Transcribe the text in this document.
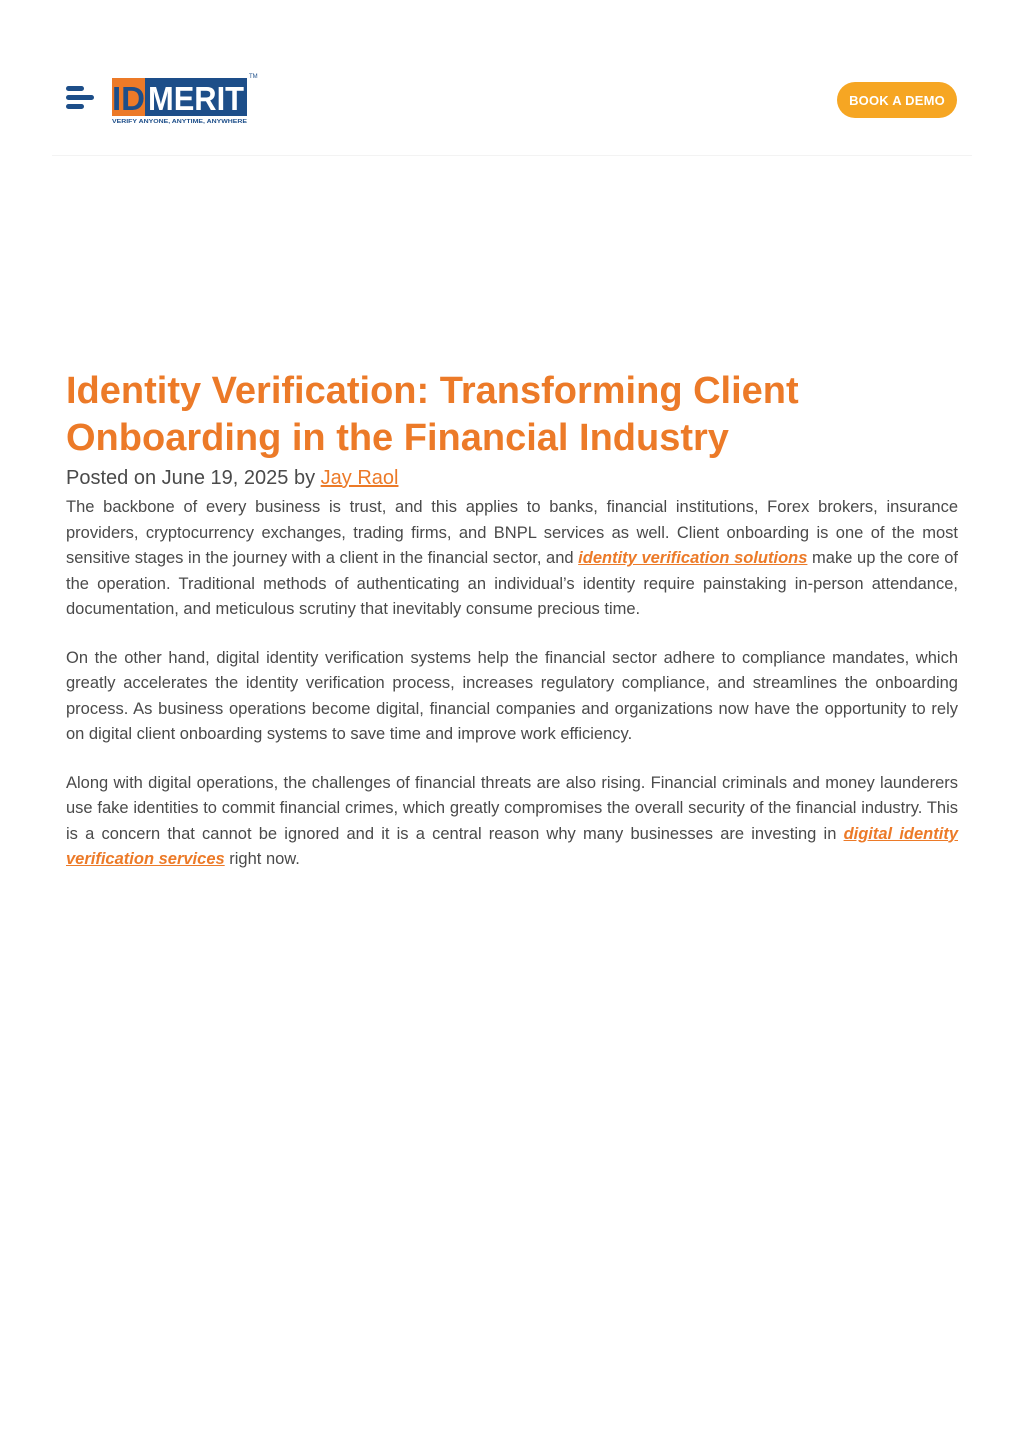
ID MERIT
TM
VERIFY ANYONE, ANYTIME, ANYWHERE
BOOK A DEMO
Identity Verification: Transforming Client Onboarding in the Financial Industry
Posted on June 19, 2025 by Jay Raol

The backbone of every business is trust, and this applies to banks, financial institutions, Forex brokers, insurance providers, cryptocurrency exchanges, trading firms, and BNPL services as well. Client onboarding is one of the most sensitive stages in the journey with a client in the financial sector, and identity verification solutions make up the core of the operation. Traditional methods of authenticating an individual’s identity require painstaking in-person attendance, documentation, and meticulous scrutiny that inevitably consume precious time.

On the other hand, digital identity verification systems help the financial sector adhere to compliance mandates, which greatly accelerates the identity verification process, increases regulatory compliance, and streamlines the onboarding process. As business operations become digital, financial companies and organizations now have the opportunity to rely on digital client onboarding systems to save time and improve work efficiency.

Along with digital operations, the challenges of financial threats are also rising. Financial criminals and money launderers use fake identities to commit financial crimes, which greatly compromises the overall security of the financial industry. This is a concern that cannot be ignored and it is a central reason why many businesses are investing in digital identity verification services right now.
